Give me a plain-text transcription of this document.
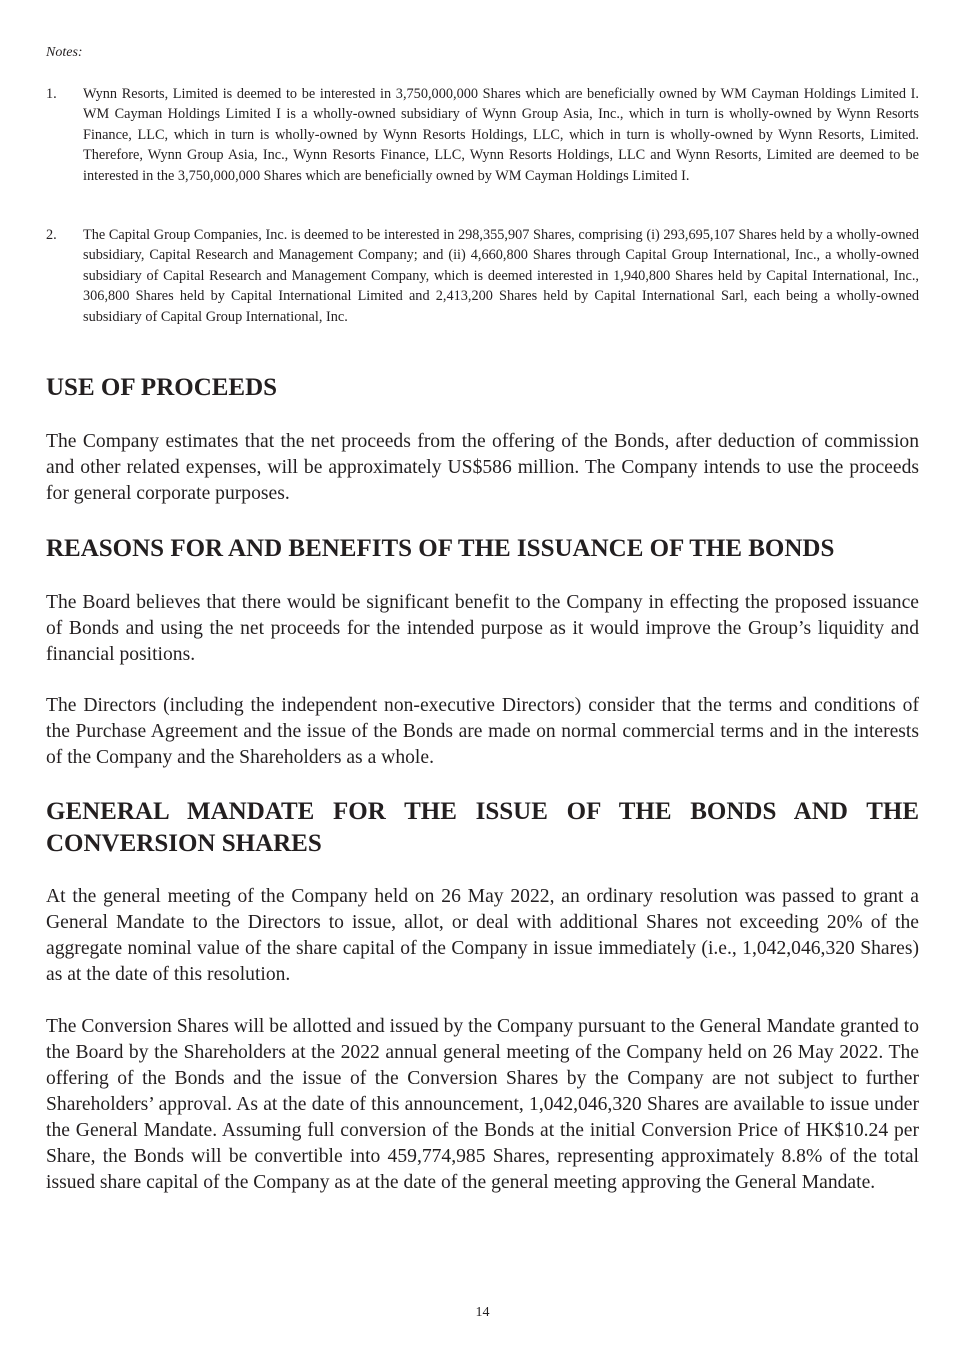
Notes:
1. Wynn Resorts, Limited is deemed to be interested in 3,750,000,000 Shares which are beneficially owned by WM Cayman Holdings Limited I. WM Cayman Holdings Limited I is a wholly-owned subsidiary of Wynn Group Asia, Inc., which in turn is wholly-owned by Wynn Resorts Finance, LLC, which in turn is wholly-owned by Wynn Resorts Holdings, LLC, which in turn is wholly-owned by Wynn Resorts, Limited. Therefore, Wynn Group Asia, Inc., Wynn Resorts Finance, LLC, Wynn Resorts Holdings, LLC and Wynn Resorts, Limited are deemed to be interested in the 3,750,000,000 Shares which are beneficially owned by WM Cayman Holdings Limited I.
2. The Capital Group Companies, Inc. is deemed to be interested in 298,355,907 Shares, comprising (i) 293,695,107 Shares held by a wholly-owned subsidiary, Capital Research and Management Company; and (ii) 4,660,800 Shares through Capital Group International, Inc., a wholly-owned subsidiary of Capital Research and Management Company, which is deemed interested in 1,940,800 Shares held by Capital International, Inc., 306,800 Shares held by Capital International Limited and 2,413,200 Shares held by Capital International Sarl, each being a wholly-owned subsidiary of Capital Group International, Inc.
USE OF PROCEEDS

The Company estimates that the net proceeds from the offering of the Bonds, after deduction of commission and other related expenses, will be approximately US$586 million. The Company intends to use the proceeds for general corporate purposes.

REASONS FOR AND BENEFITS OF THE ISSUANCE OF THE BONDS

The Board believes that there would be significant benefit to the Company in effecting the proposed issuance of Bonds and using the net proceeds for the intended purpose as it would improve the Group’s liquidity and financial positions.

The Directors (including the independent non-executive Directors) consider that the terms and conditions of the Purchase Agreement and the issue of the Bonds are made on normal commercial terms and in the interests of the Company and the Shareholders as a whole.

GENERAL MANDATE FOR THE ISSUE OF THE BONDS AND THE CONVERSION SHARES

At the general meeting of the Company held on 26 May 2022, an ordinary resolution was passed to grant a General Mandate to the Directors to issue, allot, or deal with additional Shares not exceeding 20% of the aggregate nominal value of the share capital of the Company in issue immediately (i.e., 1,042,046,320 Shares) as at the date of this resolution.

The Conversion Shares will be allotted and issued by the Company pursuant to the General Mandate granted to the Board by the Shareholders at the 2022 annual general meeting of the Company held on 26 May 2022. The offering of the Bonds and the issue of the Conversion Shares by the Company are not subject to further Shareholders’ approval. As at the date of this announcement, 1,042,046,320 Shares are available to issue under the General Mandate. Assuming full conversion of the Bonds at the initial Conversion Price of HK$10.24 per Share, the Bonds will be convertible into 459,774,985 Shares, representing approximately 8.8% of the total issued share capital of the Company as at the date of the general meeting approving the General Mandate.

14
